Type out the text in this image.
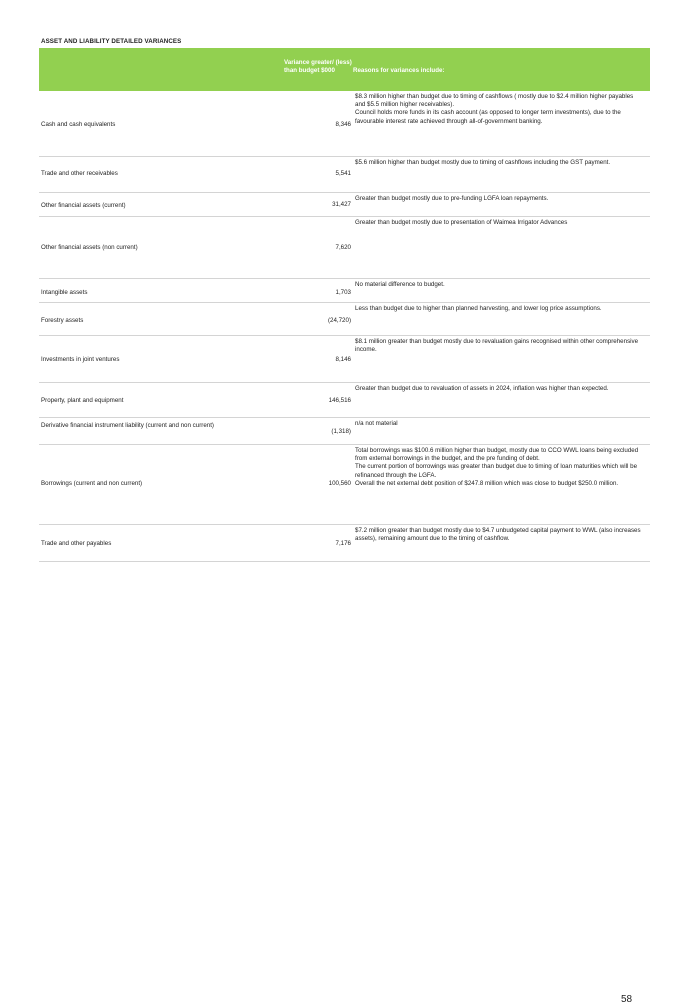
ASSET AND LIABILITY DETAILED VARIANCES
Variance greater/ (less) than budget $000	Reasons for variances include:
Cash and cash equivalents	8,346

$8.3 million higher than budget due to timing of cashflows ( mostly due to $2.4 million higher payables and $5.5 million higher receivables).

Council holds more funds in its cash account (as opposed to longer term investments), due to the favourable interest rate achieved through all-of-government banking.

Trade and other receivables	5,541

$5.6 million higher than budget mostly due to timing of cashflows including the GST payment.

Other financial assets (current)	31,427

Greater than budget mostly due to pre-funding LGFA loan repayments.

Other financial assets (non current)	7,620

Greater than budget mostly due to presentation of Waimea Irrigator Advances

Intangible assets	1,703

No material difference to budget.

Forestry assets	(24,720)

Less than budget due to higher than planned harvesting, and lower log price assumptions.

Investments in joint ventures	8,146

$8.1 million greater than budget mostly due to revaluation gains recognised within other comprehensive income.

Property, plant and equipment	146,516

Greater than budget due to revaluation of assets in 2024, inflation was higher than expected.

Derivative financial instrument liability (current and non current)
(1,318)

n/a not material

Borrowings (current and non current)	100,560

Total borrowings was $100.6 million higher than budget, mostly due to CCO WWL loans being excluded from external borrowings in the budget, and the pre funding of debt.

The current portion of borrowings was greater than budget due to timing of loan maturities which will be refinanced through the LGFA.

Overall the net external debt position of $247.8 million which was close to budget $250.0 million.

Trade and other payables	7,176

$7.2 million greater than budget mostly due to $4.7 unbudgeted capital payment to WWL (also increases assets), remaining amount due to the timing of cashflow.

58
